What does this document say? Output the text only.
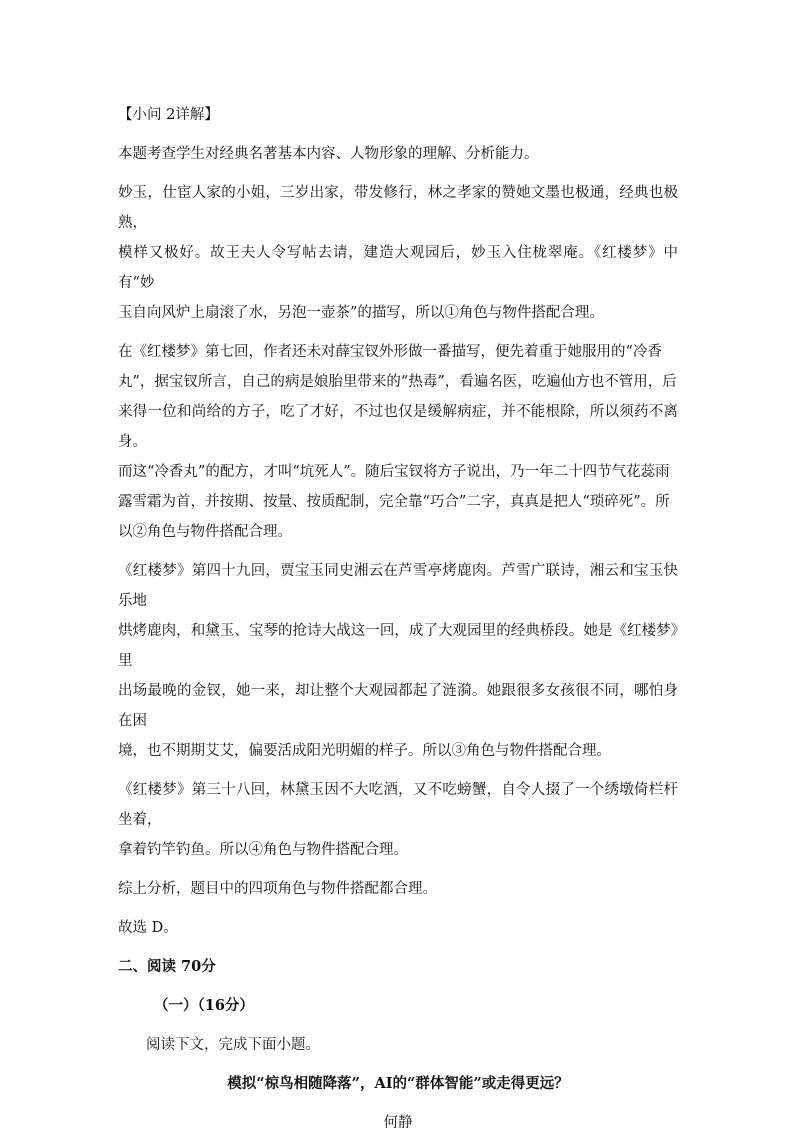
【小问 2详解】

本题考查学生对经典名著基本内容、人物形象的理解、分析能力。

妙玉，仕宦人家的小姐，三岁出家，带发修行，林之孝家的赞她文墨也极通，经典也极熟，
模样又极好。故王夫人令写帖去请，建造大观园后，妙玉入住栊翠庵。《红楼梦》中有“妙
玉自向风炉上扇滚了水，另泡一壶茶”的描写，所以①角色与物件搭配合理。

在《红楼梦》第七回，作者还未对薛宝钗外形做一番描写，便先着重于她服用的“冷香
丸”，据宝钗所言，自己的病是娘胎里带来的“热毒”，看遍名医，吃遍仙方也不管用，后
来得一位和尚给的方子，吃了才好，不过也仅是缓解病症，并不能根除，所以须药不离身。
而这“冷香丸”的配方，才叫“坑死人”。随后宝钗将方子说出，乃一年二十四节气花蕊雨
露雪霜为首，并按期、按量、按质配制，完全靠“巧合”二字，真真是把人“琐碎死”。所
以②角色与物件搭配合理。

《红楼梦》第四十九回，贾宝玉同史湘云在芦雪亭烤鹿肉。芦雪广联诗，湘云和宝玉快乐地
烘烤鹿肉，和黛玉、宝琴的抢诗大战这一回，成了大观园里的经典桥段。她是《红楼梦》里
出场最晚的金钗，她一来，却让整个大观园都起了涟漪。她跟很多女孩很不同，哪怕身在困
境，也不期期艾艾，偏要活成阳光明媚的样子。所以③角色与物件搭配合理。

《红楼梦》第三十八回，林黛玉因不大吃酒，又不吃螃蟹，自令人掇了一个绣墩倚栏杆坐着，
拿着钓竿钓鱼。所以④角色与物件搭配合理。

综上分析，题目中的四项角色与物件搭配都合理。

故选 D。

二、阅读 70分

（一）（16分）

阅读下文，完成下面小题。

模拟“椋鸟相随降落”，AI的“群体智能”或走得更远？

何静
